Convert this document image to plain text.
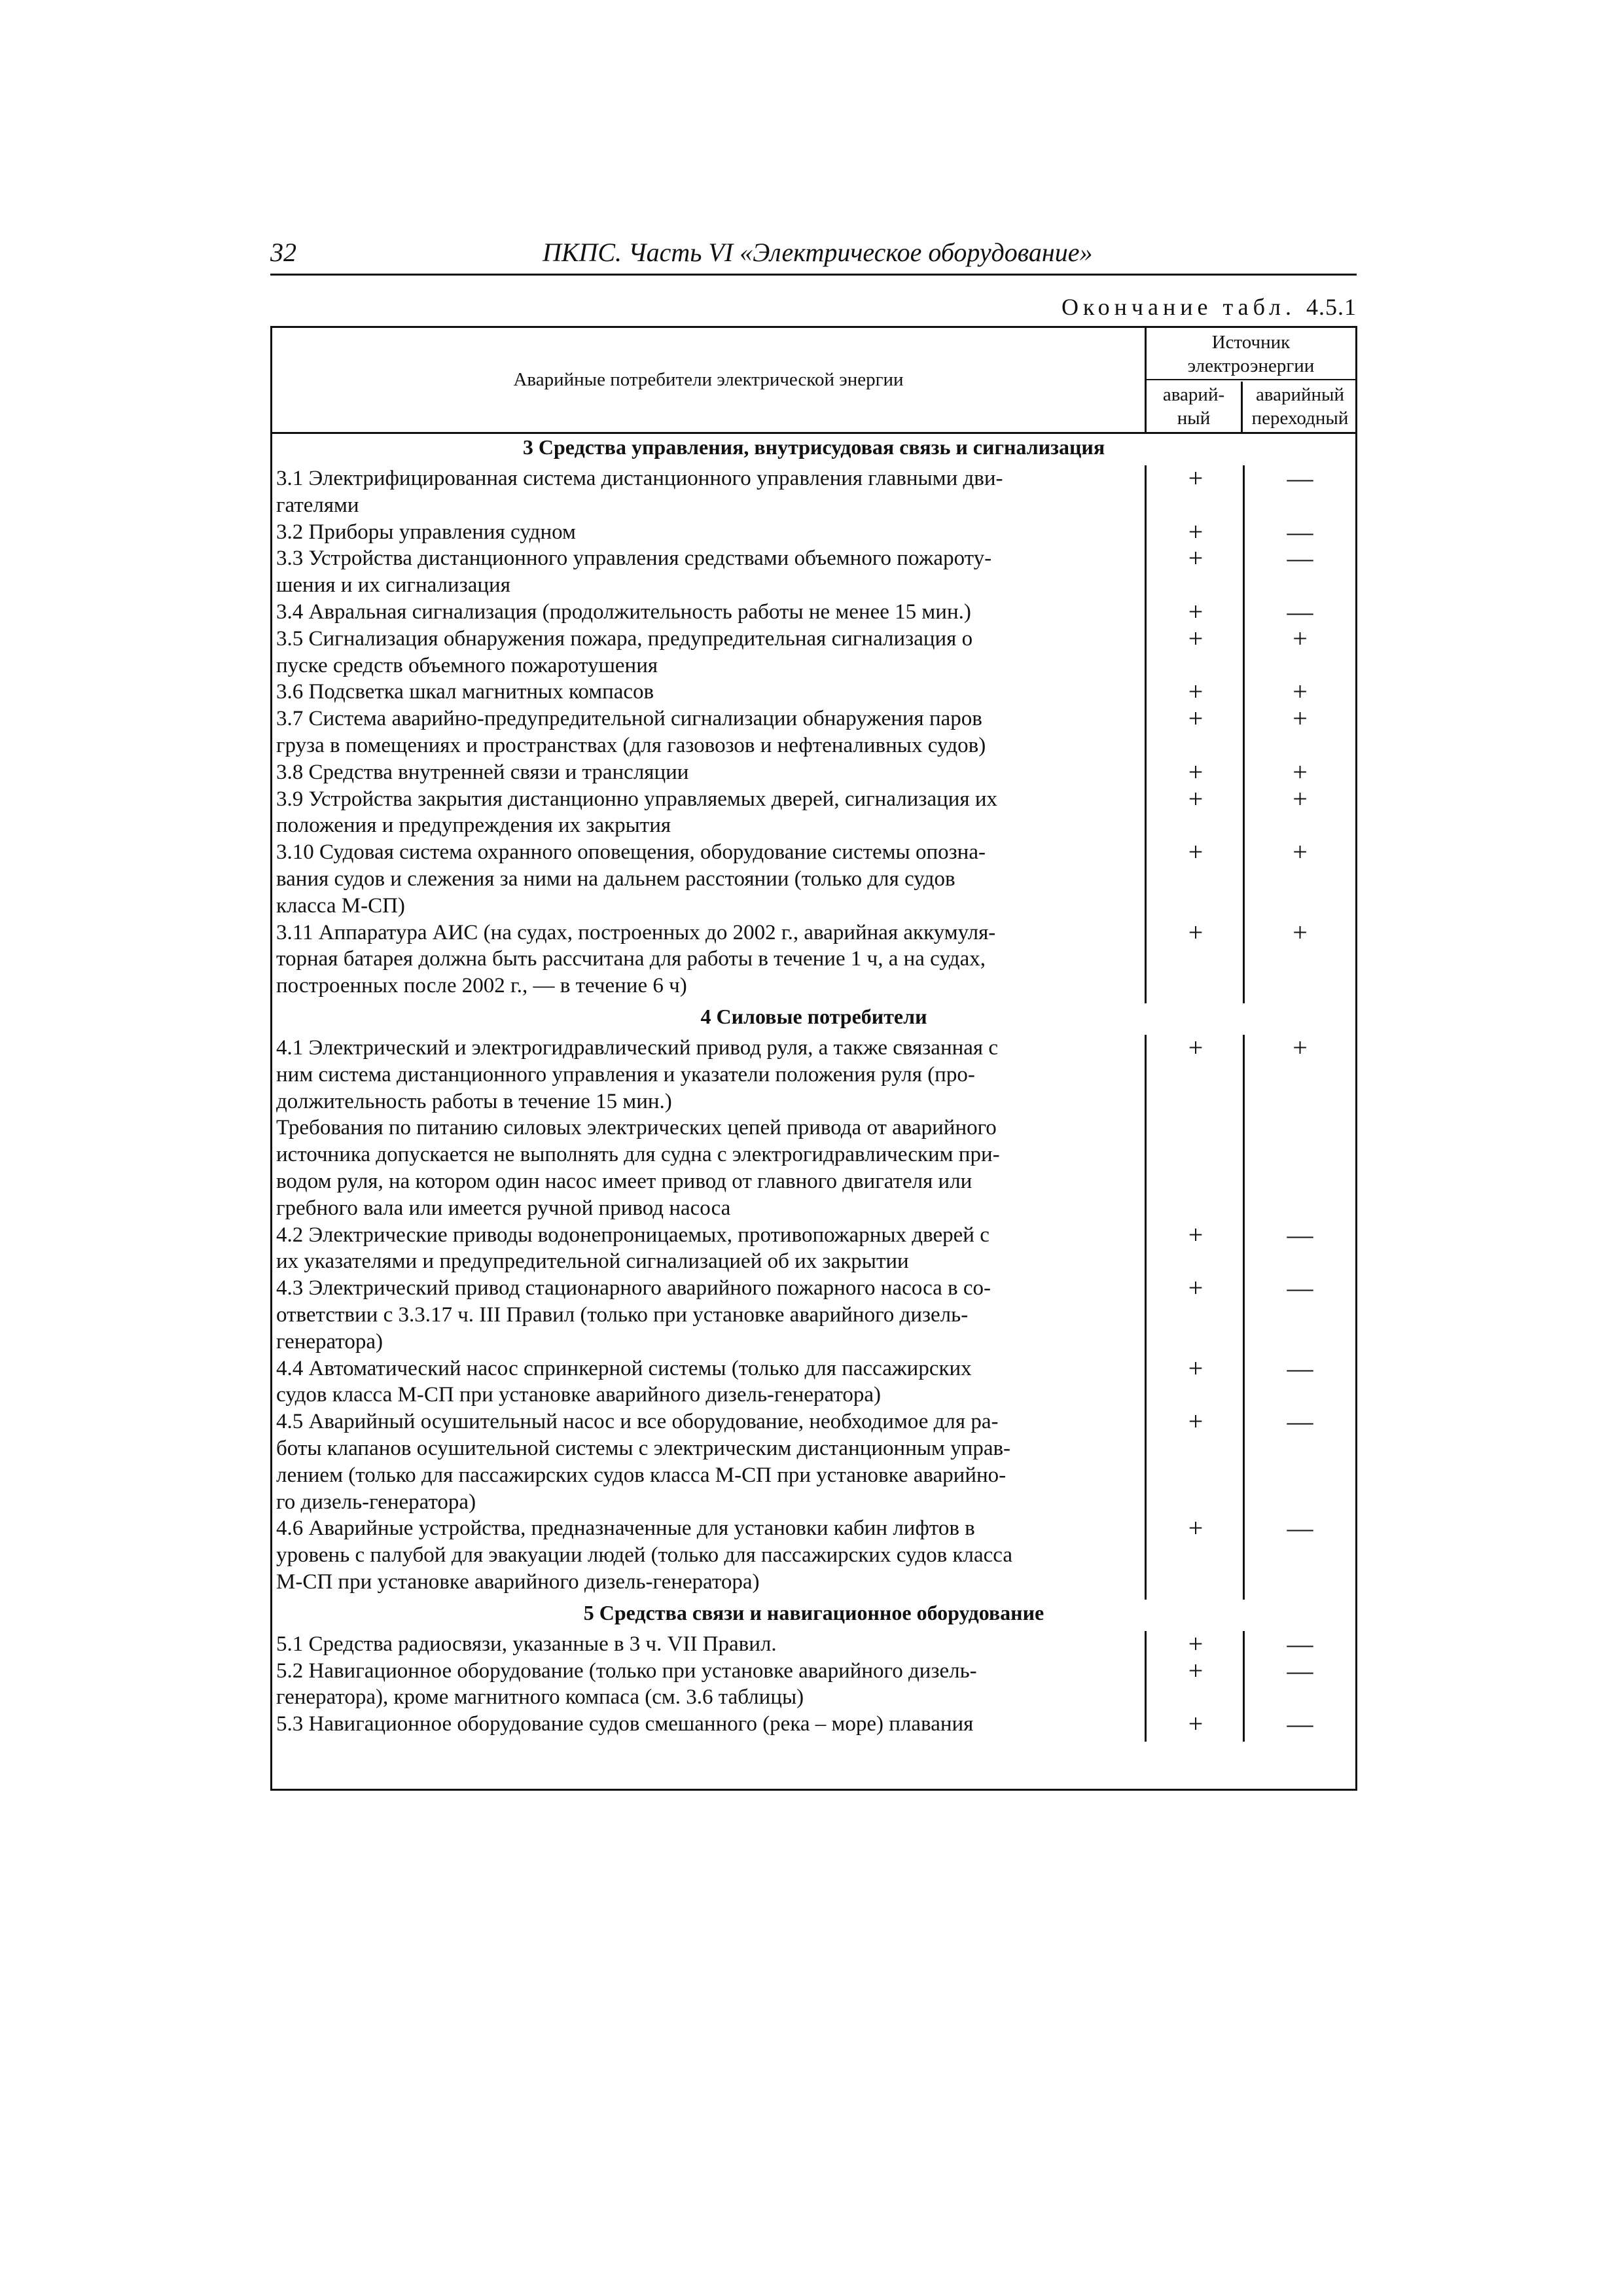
32	ПКПС. Часть VI «Электрическое оборудование»
Окончание табл. 4.5.1
Аварийные потребители электрической энергии
Источник
электроэнергии
аварий-
ный
аварийный
переходный
3 Средства управления, внутрисудовая связь и сигнализация
3.1 Электрифицированная система дистанционного управления главными дви-
гателями
+	—
3.2 Приборы управления судном	+	—
3.3 Устройства дистанционного управления средствами объемного пожароту-
шения и их сигнализация
+	—
3.4 Авральная сигнализация (продолжительность работы не менее 15 мин.)	+	—
3.5 Сигнализация обнаружения пожара, предупредительная сигнализация о
пуске средств объемного пожаротушения
+	+
3.6 Подсветка шкал магнитных компасов	+	+
3.7 Система аварийно-предупредительной сигнализации обнаружения паров
груза в помещениях и пространствах (для газовозов и нефтеналивных судов)
+	+
3.8 Средства внутренней связи и трансляции	+	+
3.9 Устройства закрытия дистанционно управляемых дверей, сигнализация их
положения и предупреждения их закрытия
+	+
3.10 Судовая система охранного оповещения, оборудование системы опозна-
вания судов и слежения за ними на дальнем расстоянии (только для судов
класса М-СП)
+	+
3.11 Аппаратура АИС (на судах, построенных до 2002 г., аварийная аккумуля-
торная батарея должна быть рассчитана для работы в течение 1 ч, а на судах,
построенных после 2002 г., — в течение 6 ч)
+	+
4 Силовые потребители
4.1 Электрический и электрогидравлический привод руля, а также связанная с
ним система дистанционного управления и указатели положения руля (про-
должительность работы в течение 15 мин.)
Требования по питанию силовых электрических цепей привода от аварийного
источника допускается не выполнять для судна с электрогидравлическим при-
водом руля, на котором один насос имеет привод от главного двигателя или
гребного вала или имеется ручной привод насоса
+	+
4.2 Электрические приводы водонепроницаемых, противопожарных дверей с
их указателями и предупредительной сигнализацией об их закрытии
+	—
4.3 Электрический привод стационарного аварийного пожарного насоса в со-
ответствии с 3.3.17 ч. III Правил (только при установке аварийного дизель-
генератора)
+	—
4.4 Автоматический насос спринкерной системы (только для пассажирских
судов класса М-СП при установке аварийного дизель-генератора)
+	—
4.5 Аварийный осушительный насос и все оборудование, необходимое для ра-
боты клапанов осушительной системы с электрическим дистанционным управ-
лением (только для пассажирских судов класса М-СП при установке аварийно-
го дизель-генератора)
+	—
4.6 Аварийные устройства, предназначенные для установки кабин лифтов в
уровень с палубой для эвакуации людей (только для пассажирских судов класса
М-СП при установке аварийного дизель-генератора)
+	—
5 Средства связи и навигационное оборудование
5.1 Средства радиосвязи, указанные в 3 ч. VII Правил.	+	—
5.2 Навигационное оборудование (только при установке аварийного дизель-
генератора), кроме магнитного компаса (см. 3.6 таблицы)
+	—
5.3 Навигационное оборудование судов смешанного (река – море) плавания	+	—
